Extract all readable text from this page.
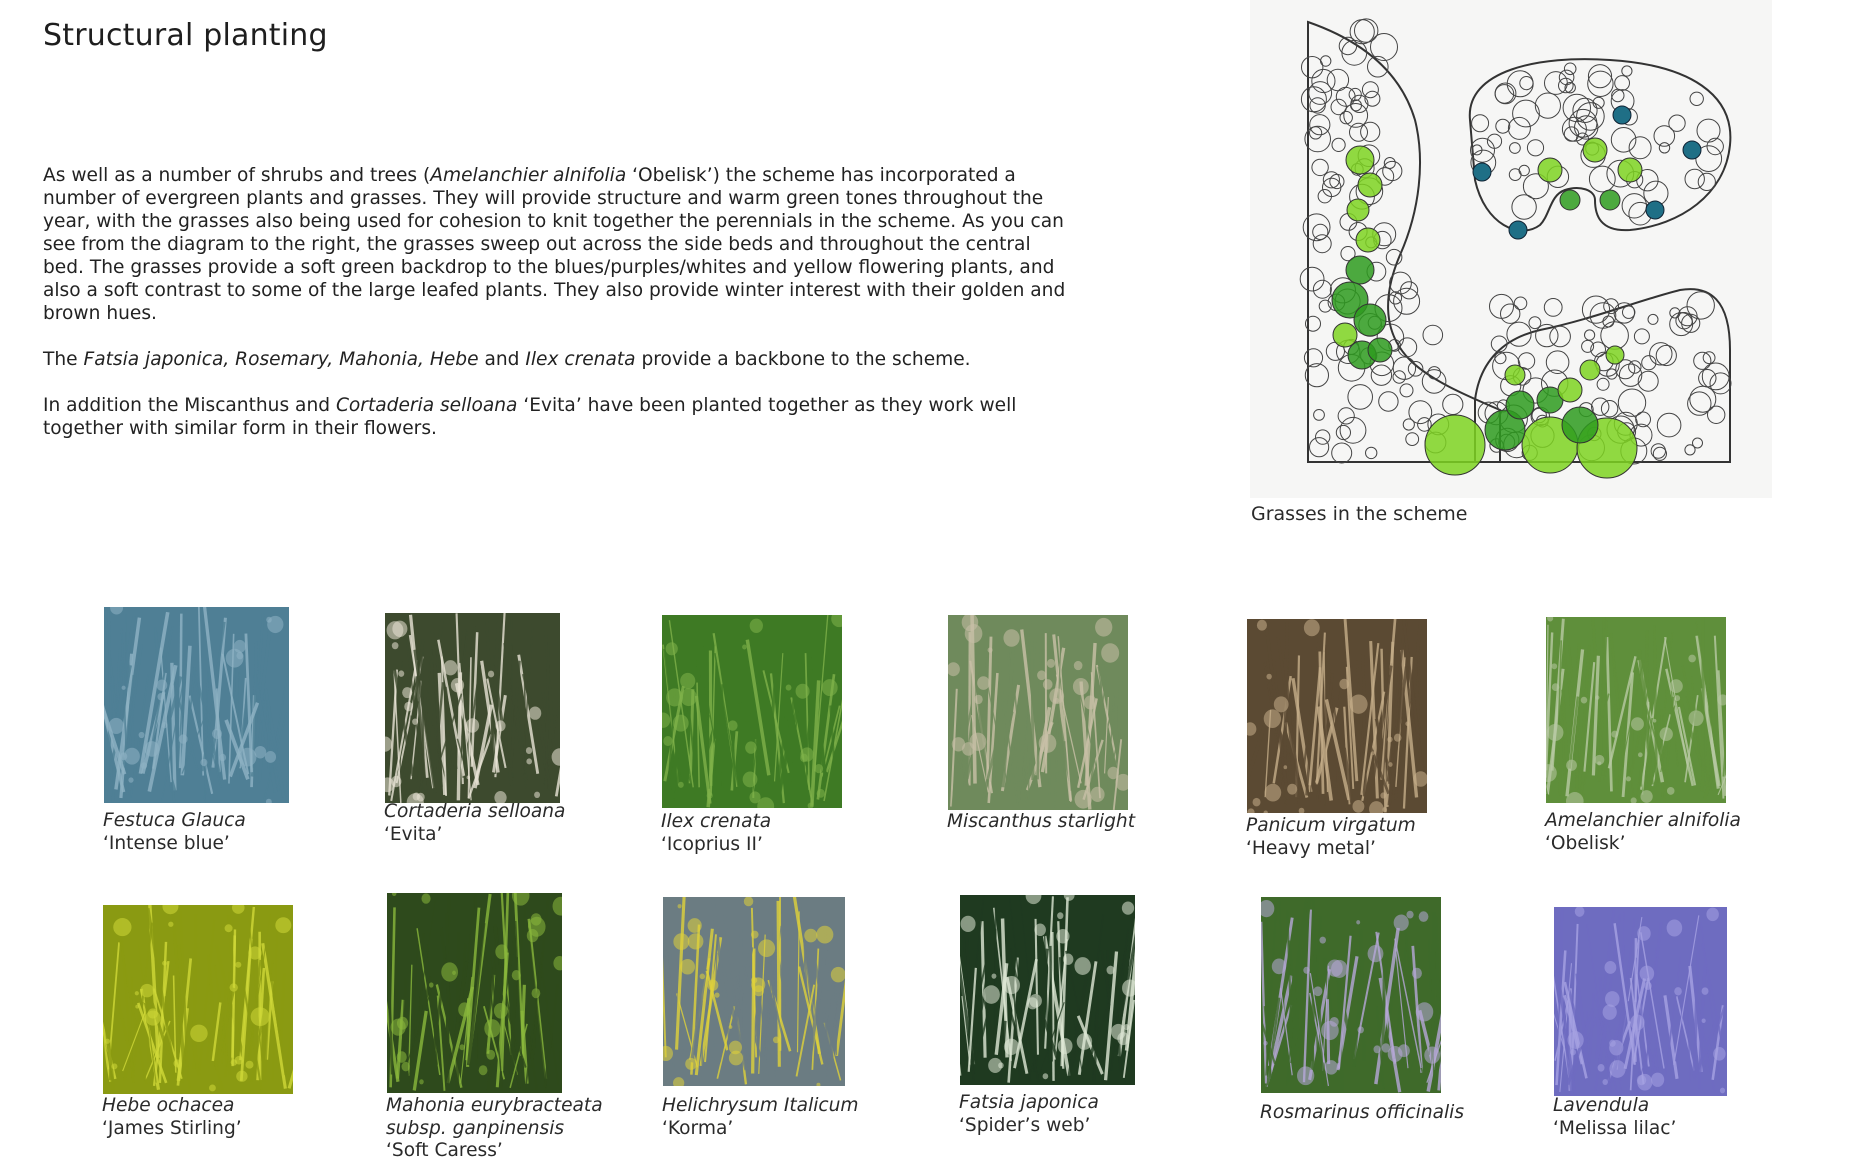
Structural planting

As well as a number of shrubs and trees (Amelanchier alnifolia ‘Obelisk’) the scheme has incorporated a number of evergreen plants and grasses. They will provide structure and warm green tones throughout the year, with the grasses also being used for cohesion to knit together the perennials in the scheme. As you can see from the diagram to the right, the grasses sweep out across the side beds and throughout the central bed. The grasses provide a soft green backdrop to the blues/purples/whites and yellow flowering plants, and also a soft contrast to some of the large leafed plants. They also provide winter interest with their golden and brown hues.

The Fatsia japonica, Rosemary, Mahonia, Hebe and Ilex crenata provide a backbone to the scheme.

In addition the Miscanthus and Cortaderia selloana ‘Evita’ have been planted together as they work well together with similar form in their flowers.

Grasses in the scheme
Festuca Glauca
‘Intense blue’
Cortaderia selloana
‘Evita’
Ilex crenata
‘Icoprius II’
Miscanthus starlight	Panicum virgatum
‘Heavy metal’
Amelanchier alnifolia
‘Obelisk’
Hebe ochacea
‘James Stirling’
Mahonia eurybracteata subsp. ganpinensis
‘Soft Caress’
Helichrysum Italicum
‘Korma’
Fatsia japonica
‘Spider’s web’
Rosmarinus officinalis	Lavendula
‘Melissa lilac’
